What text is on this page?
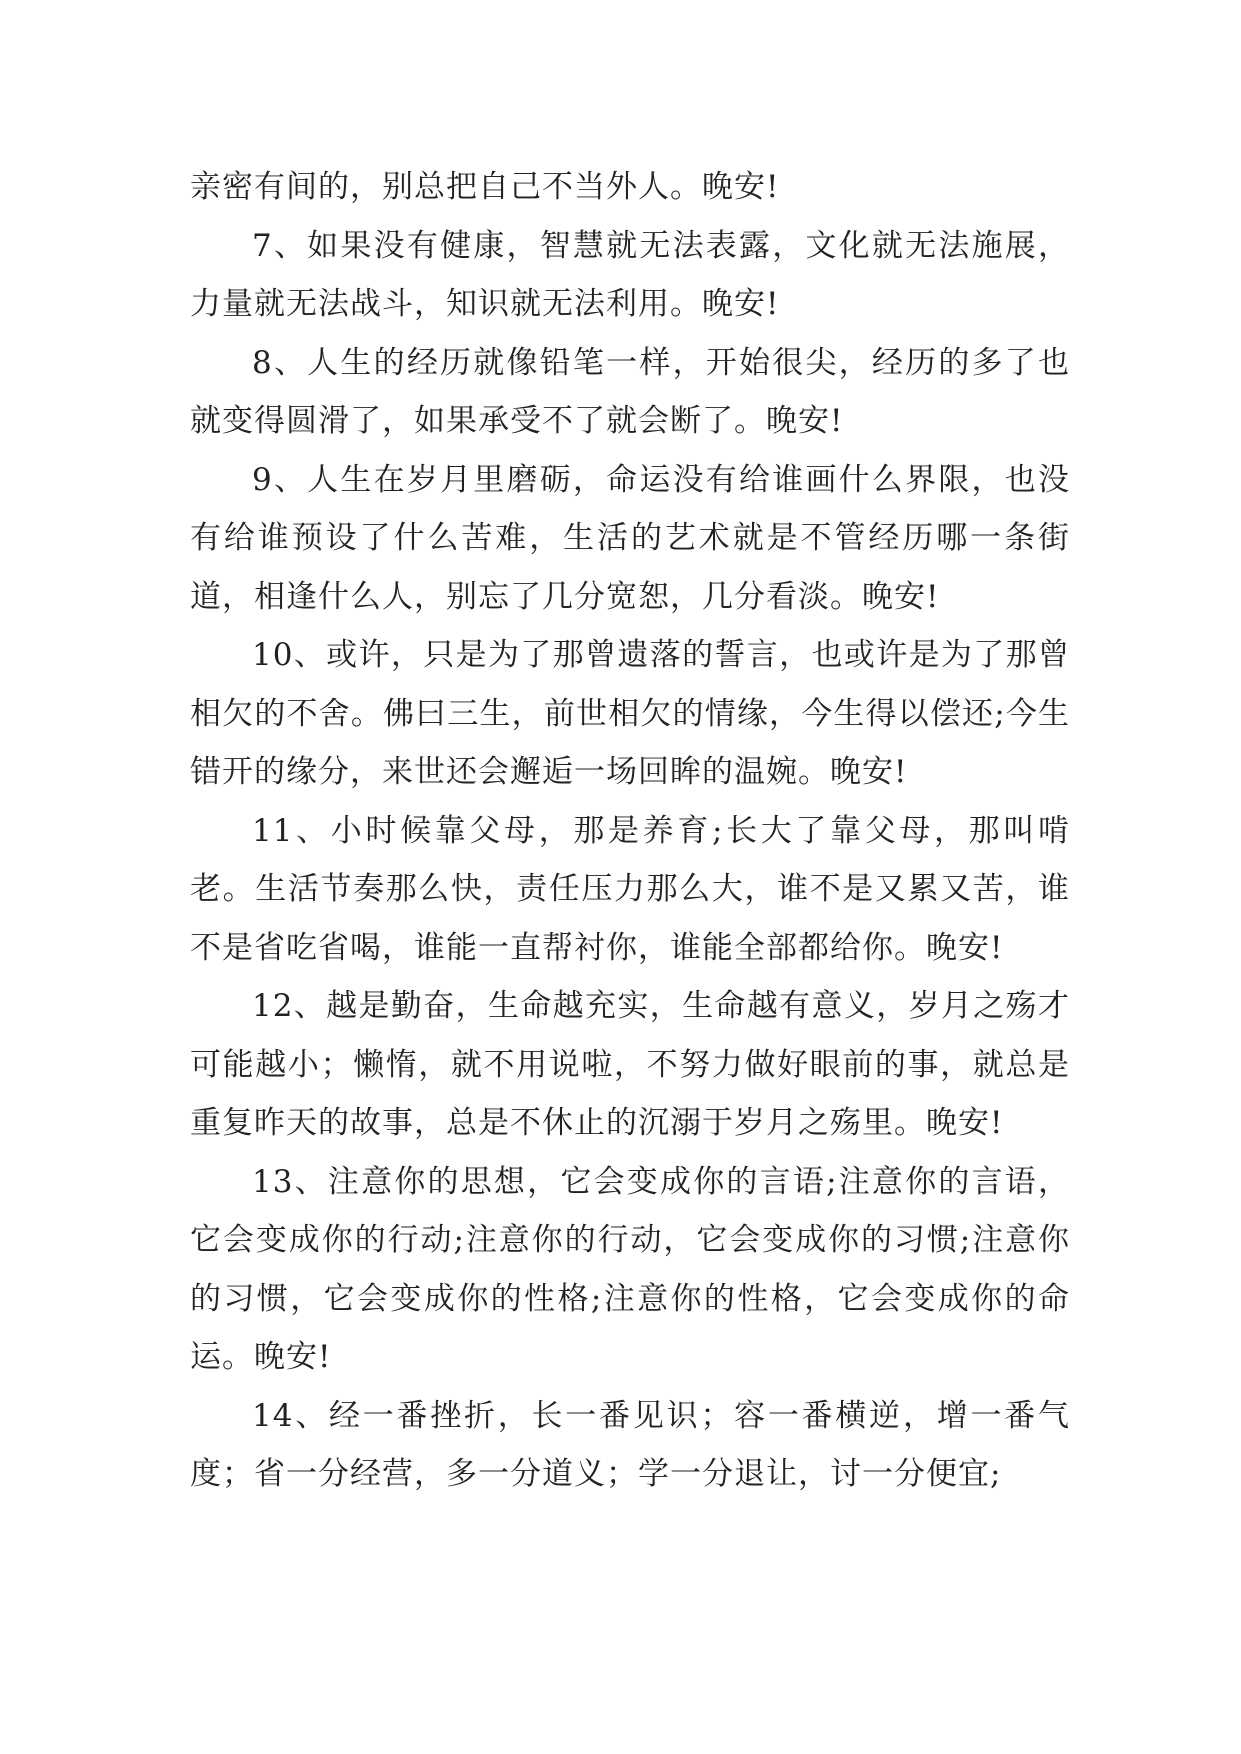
亲密有间的，别总把自己不当外人。晚安!

7、如果没有健康，智慧就无法表露，文化就无法施展，力量就无法战斗，知识就无法利用。晚安!

8、人生的经历就像铅笔一样，开始很尖，经历的多了也就变得圆滑了，如果承受不了就会断了。晚安!

9、人生在岁月里磨砺，命运没有给谁画什么界限，也没有给谁预设了什么苦难，生活的艺术就是不管经历哪一条街道，相逢什么人，别忘了几分宽恕，几分看淡。晚安!

10、或许，只是为了那曾遗落的誓言，也或许是为了那曾相欠的不舍。佛曰三生，前世相欠的情缘，今生得以偿还;今生错开的缘分，来世还会邂逅一场回眸的温婉。晚安!

11、小时候靠父母，那是养育;长大了靠父母，那叫啃老。生活节奏那么快，责任压力那么大，谁不是又累又苦，谁不是省吃省喝，谁能一直帮衬你，谁能全部都给你。晚安!

12、越是勤奋，生命越充实，生命越有意义，岁月之殇才可能越小；懒惰，就不用说啦，不努力做好眼前的事，就总是重复昨天的故事，总是不休止的沉溺于岁月之殇里。晚安!

13、注意你的思想，它会变成你的言语;注意你的言语，它会变成你的行动;注意你的行动，它会变成你的习惯;注意你的习惯，它会变成你的性格;注意你的性格，它会变成你的命运。晚安!

14、经一番挫折，长一番见识；容一番横逆，增一番气度；省一分经营，多一分道义；学一分退让，讨一分便宜;
